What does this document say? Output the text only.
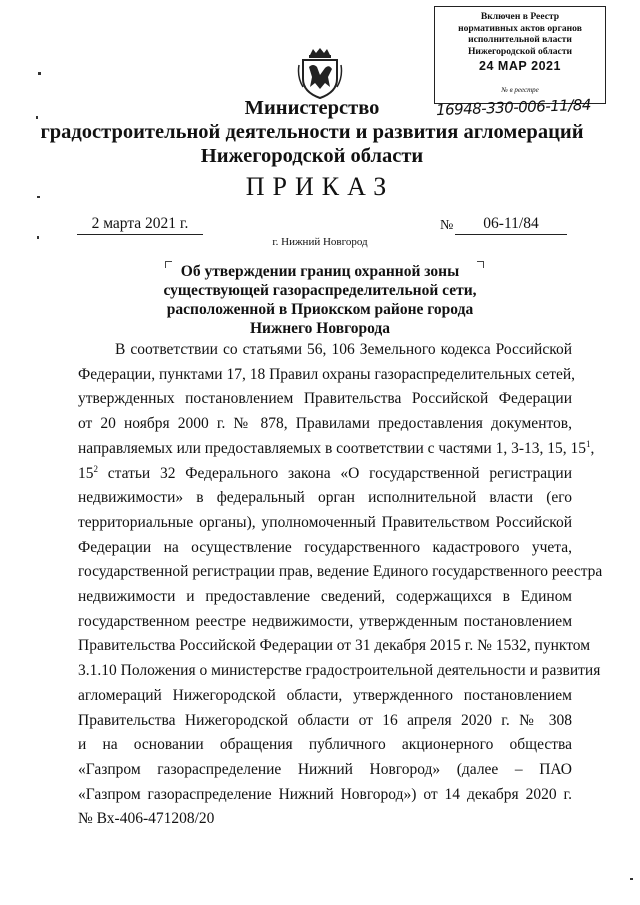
Включен в Реестр
нормативных актов органов
исполнительной власти
Нижегородской области
24 МАР 2021
№ в реестре
16948-330-006-11/84
Министерство
градостроительной деятельности и развития агломераций
Нижегородской области
ПРИКАЗ
2 марта 2021 г.	№	06-11/84
г. Нижний Новгород
Об утверждении границ охранной зоны
существующей газораспределительной сети,
расположенной в Приокском районе города
Нижнего Новгорода
В соответствии со статьями 56, 106 Земельного кодекса Российской
Федерации, пунктами 17, 18 Правил охраны газораспределительных сетей,
утвержденных постановлением Правительства Российской Федерации
от 20 ноября 2000 г. № 878, Правилами предоставления документов,
направляемых или предоставляемых в соответствии с частями 1, 3-13, 15, $15^1$,
$15^2$ статьи 32 Федерального закона «О государственной регистрации
недвижимости» в федеральный орган исполнительной власти (его
территориальные органы), уполномоченный Правительством Российской
Федерации на осуществление государственного кадастрового учета,
государственной регистрации прав, ведение Единого государственного реестра
недвижимости и предоставление сведений, содержащихся в Едином
государственном реестре недвижимости, утвержденным постановлением
Правительства Российской Федерации от 31 декабря 2015 г. № 1532, пунктом
3.1.10 Положения о министерстве градостроительной деятельности и развития
агломераций Нижегородской области, утвержденного постановлением
Правительства Нижегородской области от 16 апреля 2020 г. № 308
и на основании обращения публичного акционерного общества
«Газпром газораспределение Нижний Новгород» (далее – ПАО
«Газпром газораспределение Нижний Новгород») от 14 декабря 2020 г.
№ Вх-406-471208/20
